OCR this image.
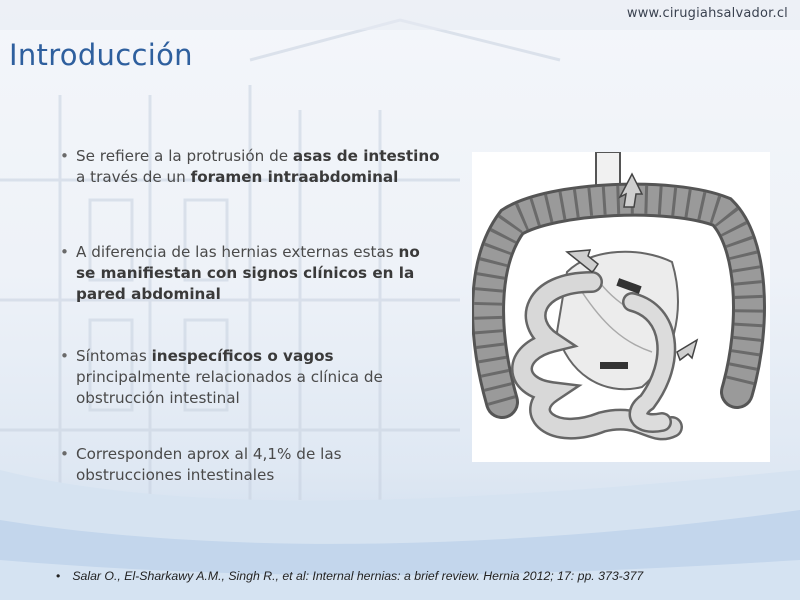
www.cirugiahsalvador.cl
Introducción
• Se refiere a la protrusión de asas de intestino a través de un foramen intraabdominal
• A diferencia de las hernias externas estas no se manifiestan con signos clínicos en la pared abdominal
• Síntomas inespecíficos o vagos principalmente relacionados a clínica de obstrucción intestinal
• Corresponden aprox al 4,1% de las obstrucciones intestinales
• Salar O., El-Sharkawy A.M., Singh R., et al: Internal hernias: a brief review. Hernia 2012; 17: pp. 373-377
